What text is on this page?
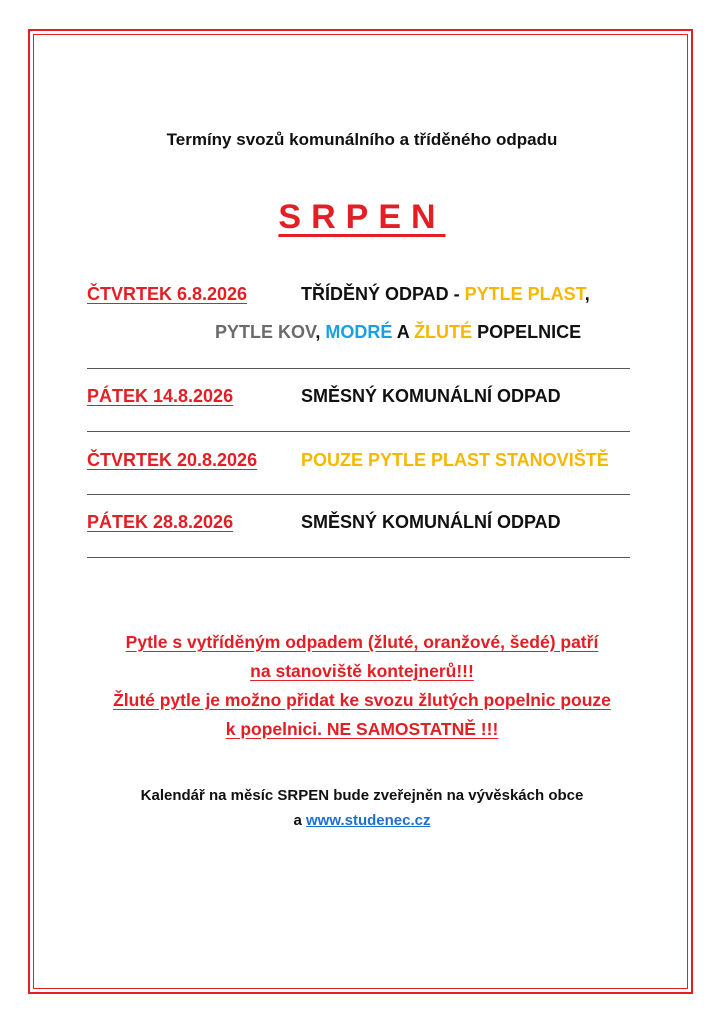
Termíny svozů komunálního a tříděného odpadu
SRPEN
ČTVRTEK 6.8.2026	TŘÍDĚNÝ ODPAD - PYTLE PLAST,
PYTLE KOV, MODRÉ A ŽLUTÉ POPELNICE
PÁTEK 14.8.2026	SMĚSNÝ KOMUNÁLNÍ ODPAD
ČTVRTEK 20.8.2026 POUZE PYTLE PLAST STANOVIŠTĚ
PÁTEK 28.8.2026	SMĚSNÝ KOMUNÁLNÍ ODPAD
Pytle s vytříděným odpadem (žluté, oranžové, šedé) patří
na stanoviště kontejnerů!!!
Žluté pytle je možno přidat ke svozu žlutých popelnic pouze
k popelnici. NE SAMOSTATNĚ !!!
Kalendář na měsíc SRPEN bude zveřejněn na vývěskách obce
a www.studenec.cz
